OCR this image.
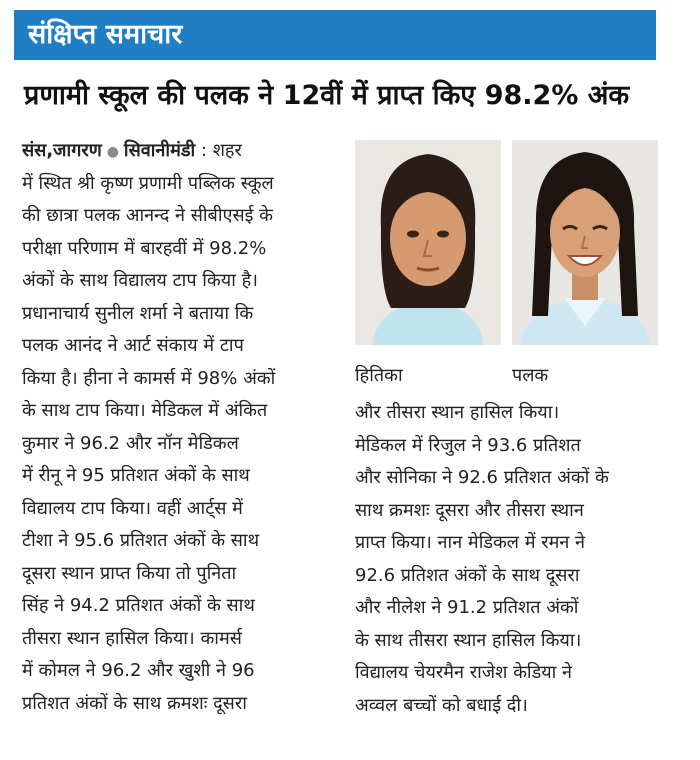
संक्षिप्त समाचार
प्रणामी स्कूल की पलक ने 12वीं में प्राप्त किए 98.2% अंक
संस,जागरण ● सिवानीमंडी : शहर
में स्थित श्री कृष्ण प्रणामी पब्लिक स्कूल
की छात्रा पलक आनन्द ने सीबीएसई के
परीक्षा परिणाम में बारहवीं में 98.2%
अंकों के साथ विद्यालय टाप किया है।
प्रधानाचार्य सुनील शर्मा ने बताया कि
पलक आनंद ने आर्ट संकाय में टाप
किया है। हीना ने कामर्स में 98% अंकों
के साथ टाप किया। मेडिकल में अंकित
कुमार ने 96.2 और नॉन मेडिकल
में रीनू ने 95 प्रतिशत अंकों के साथ
विद्यालय टाप किया। वहीं आर्ट्स में
टीशा ने 95.6 प्रतिशत अंकों के साथ
दूसरा स्थान प्राप्त किया तो पुनिता
सिंह ने 94.2 प्रतिशत अंकों के साथ
तीसरा स्थान हासिल किया। कामर्स
में कोमल ने 96.2 और खुशी ने 96
प्रतिशत अंकों के साथ क्रमशः दूसरा
हितिका	पलक
और तीसरा स्थान हासिल किया।
मेडिकल में रिजुल ने 93.6 प्रतिशत
और सोनिका ने 92.6 प्रतिशत अंकों के
साथ क्रमशः दूसरा और तीसरा स्थान
प्राप्त किया। नान मेडिकल में रमन ने
92.6 प्रतिशत अंकों के साथ दूसरा
और नीलेश ने 91.2 प्रतिशत अंकों
के साथ तीसरा स्थान हासिल किया।
विद्यालय चेयरमैन राजेश केडिया ने
अव्वल बच्चों को बधाई दी।
